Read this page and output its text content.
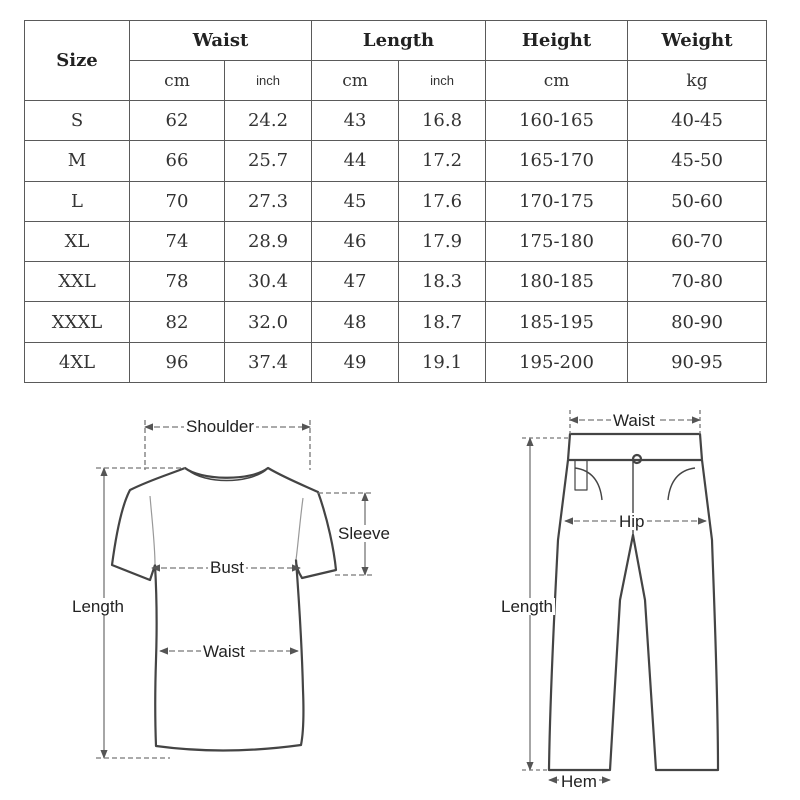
Size	Waist		Length		Height	Weight
	cm	inch	cm	inch	cm	kg
S	62	24.2	43	16.8	160-165	40-45
M	66	25.7	44	17.2	165-170	45-50
L	70	27.3	45	17.6	170-175	50-60
XL	74	28.9	46	17.9	175-180	60-70
XXL	78	30.4	47	18.3	180-185	70-80
XXXL	82	32.0	48	18.7	185-195	80-90
4XL	96	37.4	49	19.1	195-200	90-95
Shoulder
Sleeve
Bust
Length
Waist
Waist
Hip
Length
Hem
